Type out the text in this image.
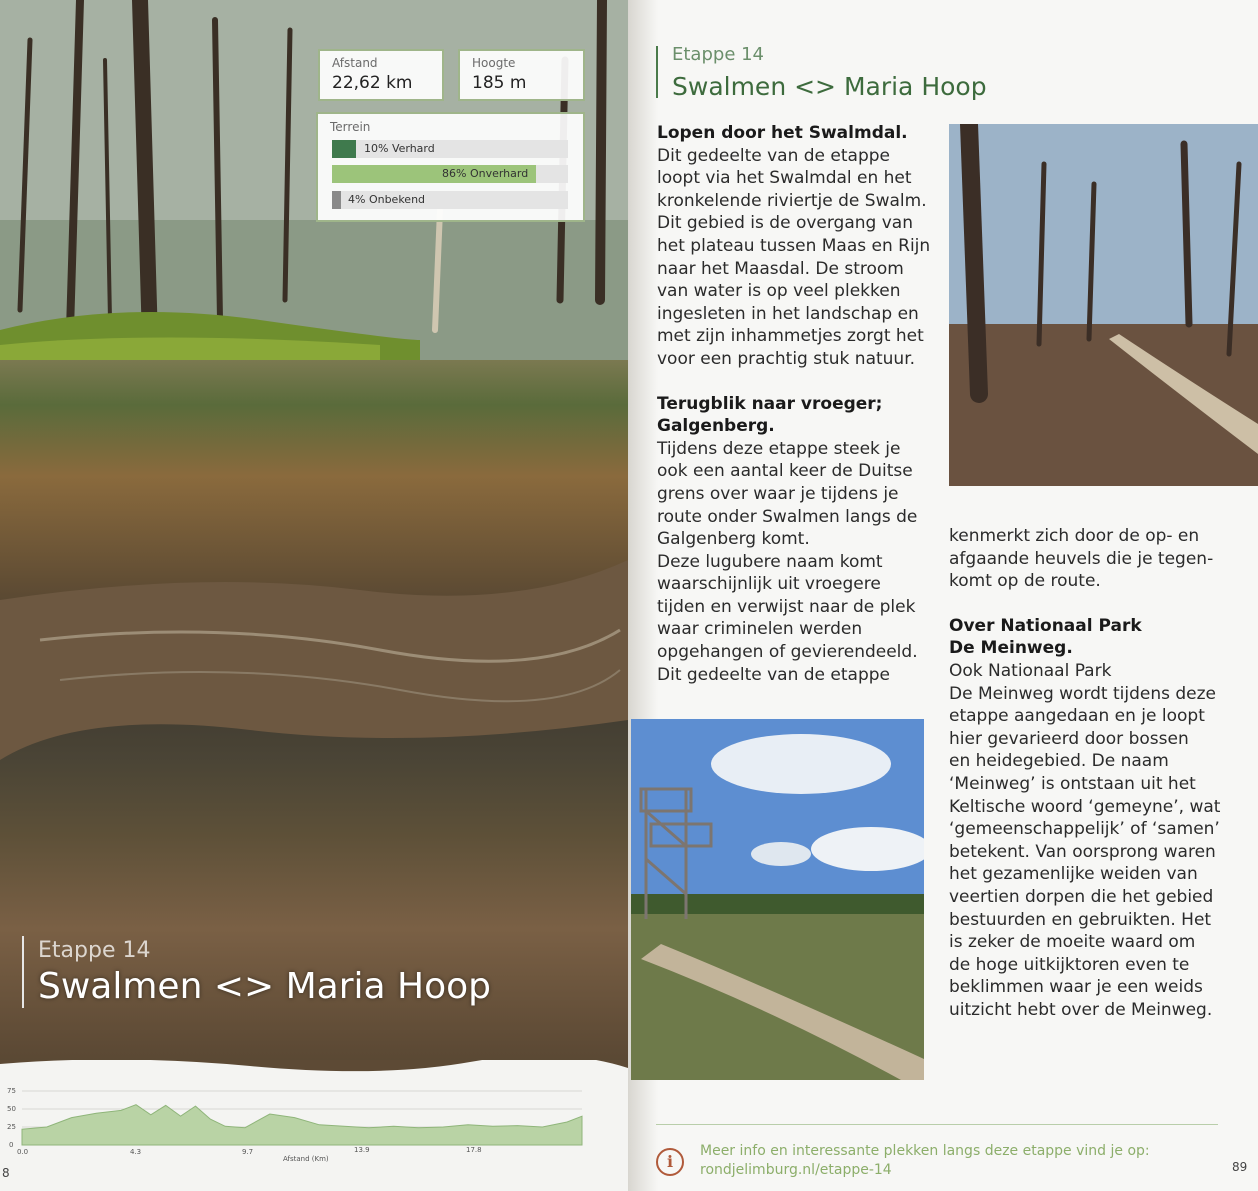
Afstand
22,62 km
Hoogte
185 m
Terrein
10% Verhard
86% Onverhard
4% Onbekend
Etappe 14
Swalmen <> Maria Hoop
75
50
25
0
0.0	4.3	9.7	13.9	17.8
Afstand (Km)
8
Etappe 14
Swalmen <> Maria Hoop

Lopen door het Swalmdal.

Dit gedeelte van de etappe

loopt via het Swalmdal en het

kronkelende riviertje de Swalm.

Dit gebied is de overgang van

het plateau tussen Maas en Rijn

naar het Maasdal. De stroom

van water is op veel plekken

ingesleten in het landschap en

met zijn inhammetjes zorgt het

voor een prachtig stuk natuur.

Terugblik naar vroeger;

Galgenberg.

Tijdens deze etappe steek je

ook een aantal keer de Duitse

grens over waar je tijdens je

route onder Swalmen langs de

Galgenberg komt.

Deze lugubere naam komt

waarschijnlijk uit vroegere

tijden en verwijst naar de plek

waar criminelen werden

opgehangen of gevierendeeld.

Dit gedeelte van de etappe

kenmerkt zich door de op- en

afgaande heuvels die je tegen-

komt op de route.

Over Nationaal Park

De Meinweg.

Ook Nationaal Park

De Meinweg wordt tijdens deze

etappe aangedaan en je loopt

hier gevarieerd door bossen

en heidegebied. De naam

‘Meinweg’ is ontstaan uit het

Keltische woord ‘gemeyne’, wat

‘gemeenschappelijk’ of ‘samen’

betekent. Van oorsprong waren

het gezamenlijke weiden van

veertien dorpen die het gebied

bestuurden en gebruikten. Het

is zeker de moeite waard om

de hoge uitkijktoren even te

beklimmen waar je een weids

uitzicht hebt over de Meinweg.

i
Meer info en interessante plekken langs deze etappe vind je op:
rondjelimburg.nl/etappe-14	89
